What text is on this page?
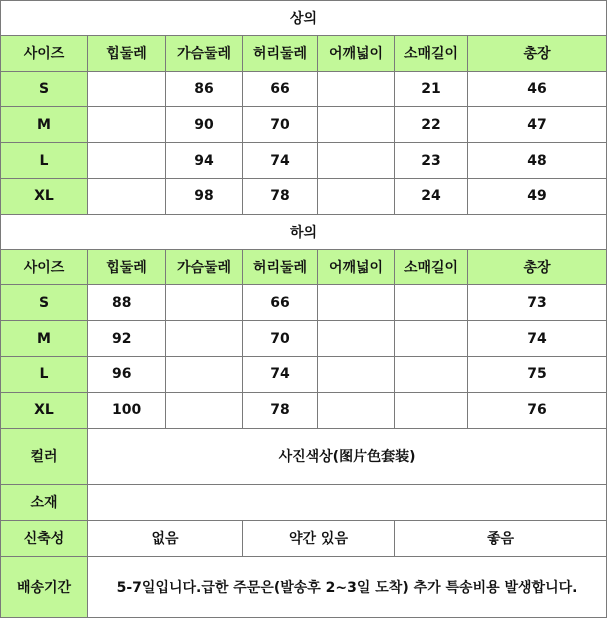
상의						
사이즈	힙둘레	가슴둘레	허리둘레	어깨넓이	소매길이	총장
S		86	66		21	46
M		90	70		22	47
L		94	74		23	48
XL		98	78		24	49
하의						
사이즈	힙둘레	가슴둘레	허리둘레	어깨넓이	소매길이	총장
S	88		66			73
M	92		70			74
L	96		74			75
XL	100		78			76
컬러	사진색상(图片色套装)					
소재						
신축성	없음		약간 있음		좋음	
배송기간	5-7일입니다.급한 주문은(발송후 2~3일 도착) 추가 특송비용 발생합니다.					
